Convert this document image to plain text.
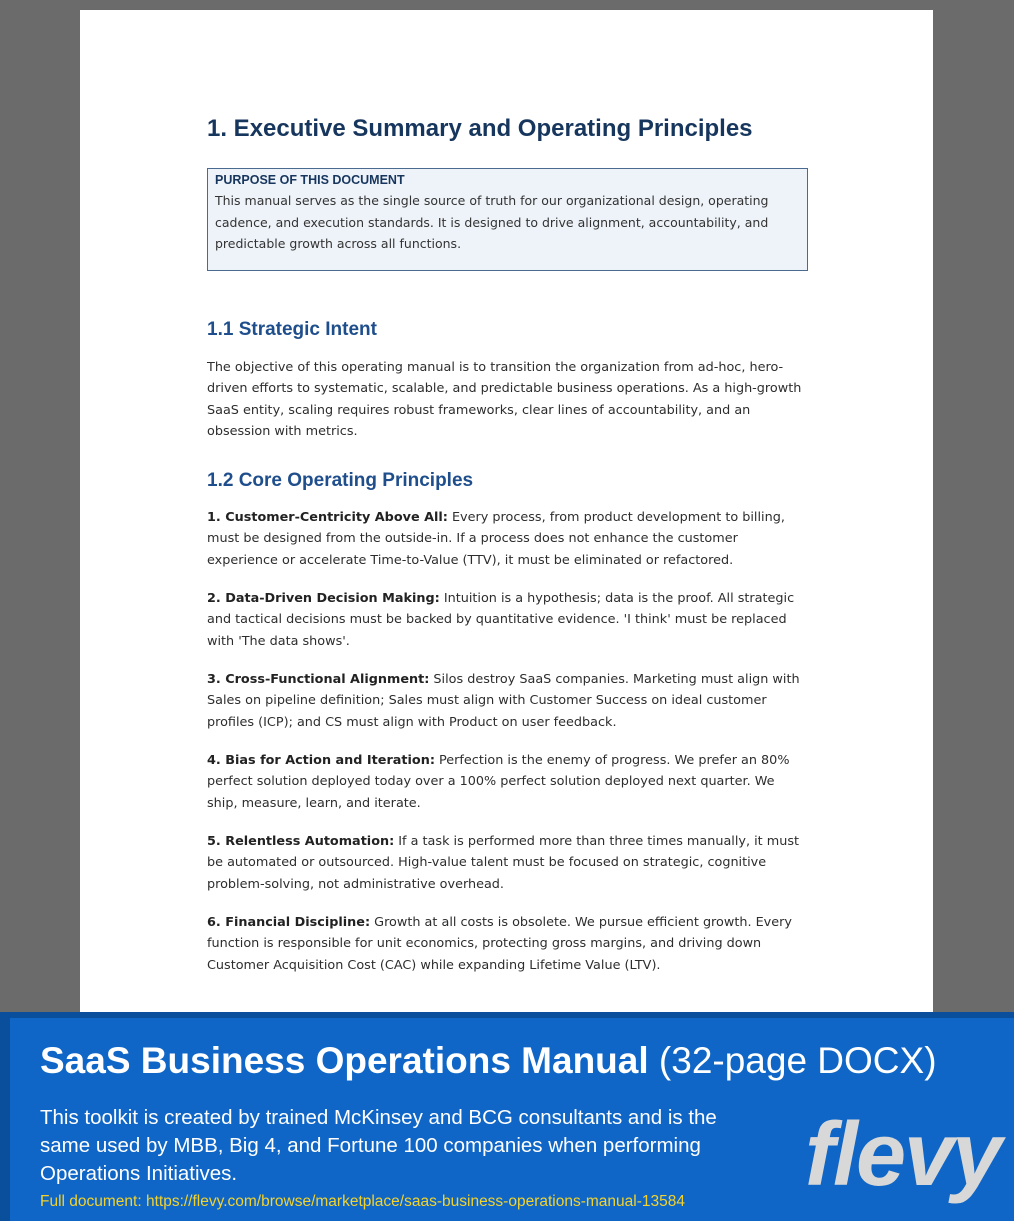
1. Executive Summary and Operating Principles
PURPOSE OF THIS DOCUMENT
This manual serves as the single source of truth for our organizational design, operating cadence, and execution standards. It is designed to drive alignment, accountability, and predictable growth across all functions.
1.1 Strategic Intent

The objective of this operating manual is to transition the organization from ad-hoc, hero-driven efforts to systematic, scalable, and predictable business operations. As a high-growth SaaS entity, scaling requires robust frameworks, clear lines of accountability, and an obsession with metrics.

1.2 Core Operating Principles

1. Customer-Centricity Above All: Every process, from product development to billing, must be designed from the outside-in. If a process does not enhance the customer experience or accelerate Time-to-Value (TTV), it must be eliminated or refactored.

2. Data-Driven Decision Making: Intuition is a hypothesis; data is the proof. All strategic and tactical decisions must be backed by quantitative evidence. 'I think' must be replaced with 'The data shows'.

3. Cross-Functional Alignment: Silos destroy SaaS companies. Marketing must align with Sales on pipeline definition; Sales must align with Customer Success on ideal customer profiles (ICP); and CS must align with Product on user feedback.

4. Bias for Action and Iteration: Perfection is the enemy of progress. We prefer an 80% perfect solution deployed today over a 100% perfect solution deployed next quarter. We ship, measure, learn, and iterate.

5. Relentless Automation: If a task is performed more than three times manually, it must be automated or outsourced. High-value talent must be focused on strategic, cognitive problem-solving, not administrative overhead.

6. Financial Discipline: Growth at all costs is obsolete. We pursue efficient growth. Every function is responsible for unit economics, protecting gross margins, and driving down Customer Acquisition Cost (CAC) while expanding Lifetime Value (LTV).

SaaS Business Operations Manual (32-page DOCX)
This toolkit is created by trained McKinsey and BCG consultants and is the same used by MBB, Big 4, and Fortune 100 companies when performing Operations Initiatives.
Full document: https://flevy.com/browse/marketplace/saas-business-operations-manual-13584 flevy
